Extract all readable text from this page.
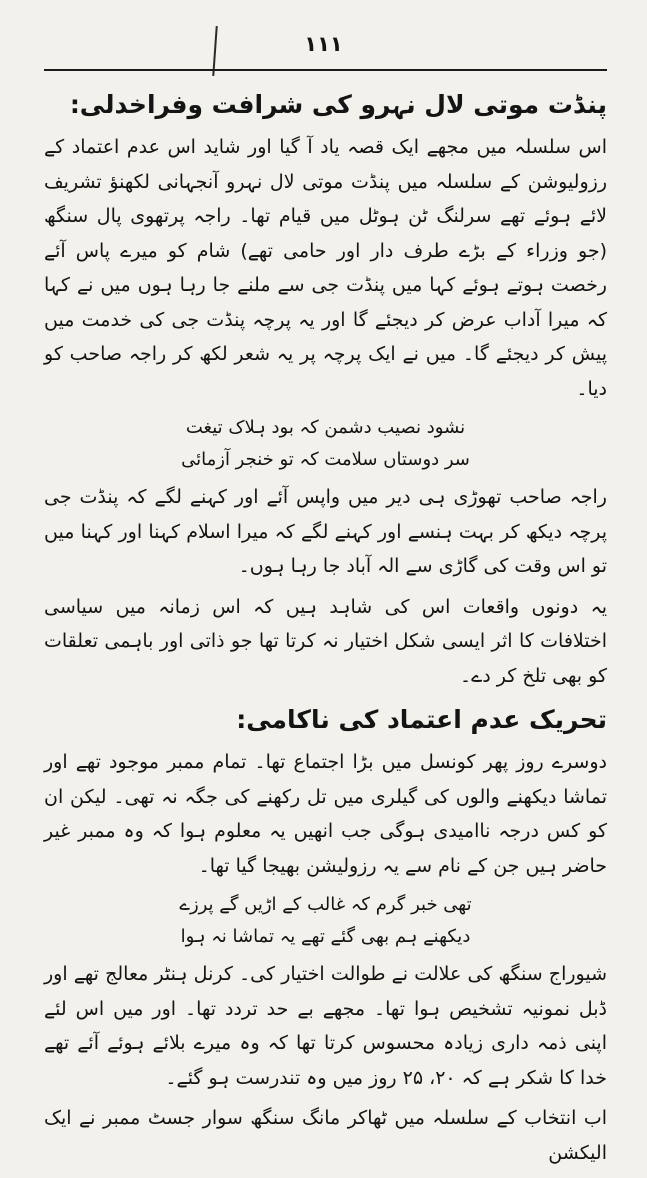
۱۱۱
پنڈت موتی لال نہرو کی شرافت وفراخدلی:

اس سلسلہ میں مجھے ایک قصہ یاد آ گیا اور شاید اس عدم اعتماد کے رزولیوشن کے سلسلہ میں پنڈت موتی لال نہرو آنجہانی لکھنؤ تشریف لائے ہوئے تھے سرلنگ ٹن ہوٹل میں قیام تھا۔ راجہ پرتھوی پال سنگھ (جو وزراء کے بڑے طرف دار اور حامی تھے) شام کو میرے پاس آئے رخصت ہوتے ہوئے کہا میں پنڈت جی سے ملنے جا رہا ہوں میں نے کہا کہ میرا آداب عرض کر دیجئے گا اور یہ پرچہ پنڈت جی کی خدمت میں پیش کر دیجئے گا۔ میں نے ایک پرچہ پر یہ شعر لکھ کر راجہ صاحب کو دیا۔

نشود نصیب دشمن کہ بود ہلاک تیغت

سر دوستاں سلامت کہ تو خنجر آزمائی

راجہ صاحب تھوڑی ہی دیر میں واپس آئے اور کہنے لگے کہ پنڈت جی پرچہ دیکھ کر بہت ہنسے اور کہنے لگے کہ میرا اسلام کہنا اور کہنا میں تو اس وقت کی گاڑی سے الہ آباد جا رہا ہوں۔

یہ دونوں واقعات اس کی شاہد ہیں کہ اس زمانہ میں سیاسی اختلافات کا اثر ایسی شکل اختیار نہ کرتا تھا جو ذاتی اور باہمی تعلقات کو بھی تلخ کر دے۔

تحریک عدم اعتماد کی ناکامی:

دوسرے روز پھر کونسل میں بڑا اجتماع تھا۔ تمام ممبر موجود تھے اور تماشا دیکھنے والوں کی گیلری میں تل رکھنے کی جگہ نہ تھی۔ لیکن ان کو کس درجہ ناامیدی ہوگی جب انھیں یہ معلوم ہوا کہ وہ ممبر غیر حاضر ہیں جن کے نام سے یہ رزولیشن بھیجا گیا تھا۔

تھی خبر گرم کہ غالب کے اڑیں گے پرزے

دیکھنے ہم بھی گئے تھے یہ تماشا نہ ہوا

شیوراج سنگھ کی علالت نے طوالت اختیار کی۔ کرنل ہنٹر معالج تھے اور ڈبل نمونیہ تشخیص ہوا تھا۔ مجھے بے حد تردد تھا۔ اور میں اس لئے اپنی ذمہ داری زیادہ محسوس کرتا تھا کہ وہ میرے بلائے ہوئے آئے تھے خدا کا شکر ہے کہ ۲۰، ۲۵ روز میں وہ تندرست ہو گئے۔

اب انتخاب کے سلسلہ میں ٹھاکر مانگ سنگھ سوار جسٹ ممبر نے ایک الیکشن
